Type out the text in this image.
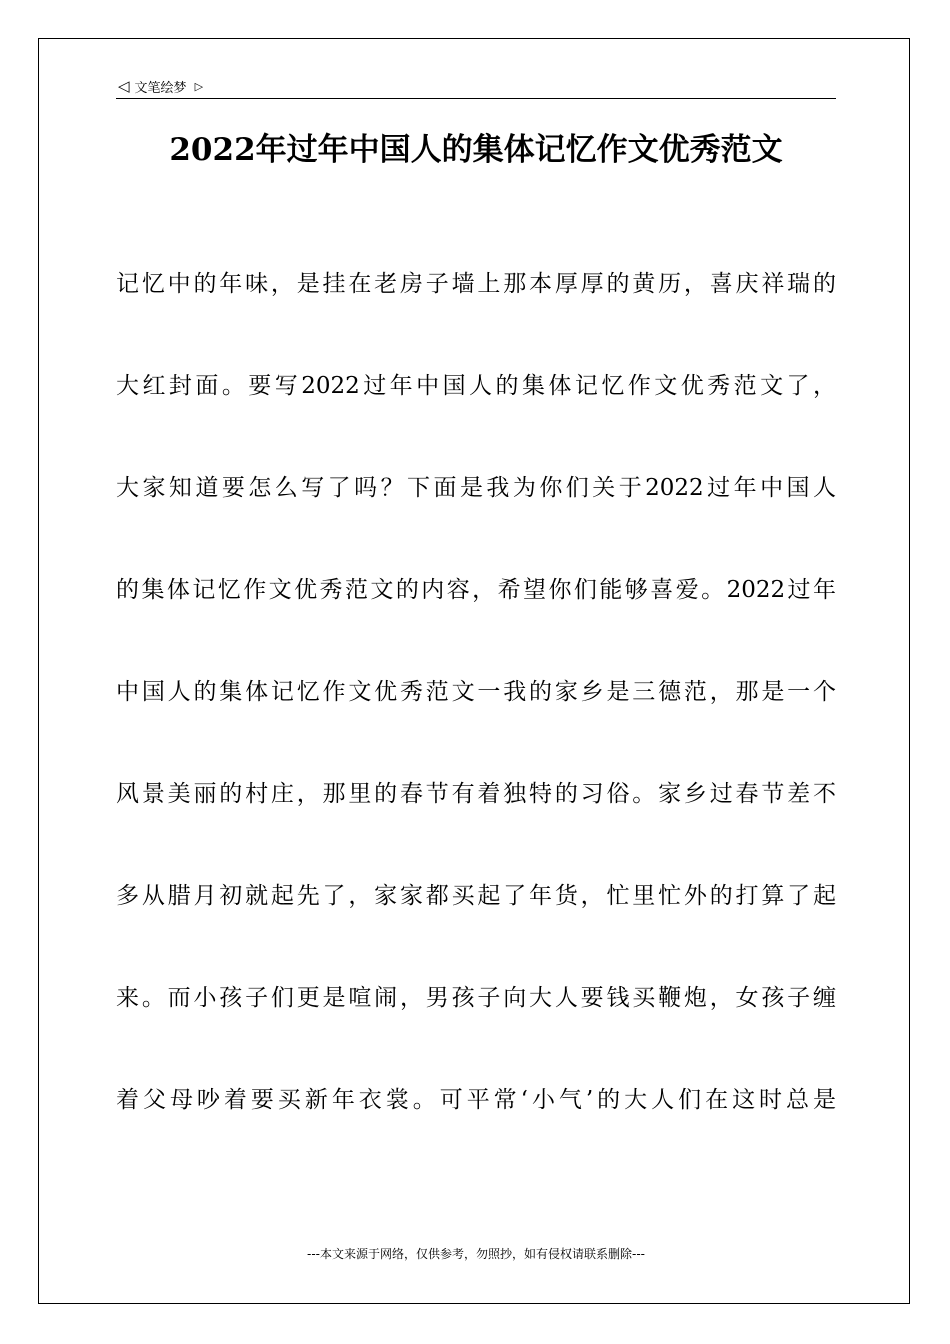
◁ 文笔绘梦 ▷
2022年过年中国人的集体记忆作文优秀范文
记忆中的年味，是挂在老房子墙上那本厚厚的黄历，喜庆祥瑞的
大红封面。要写2022过年中国人的集体记忆作文优秀范文了，
大家知道要怎么写了吗？下面是我为你们关于2022过年中国人
的集体记忆作文优秀范文的内容，希望你们能够喜爱。2022过年
中国人的集体记忆作文优秀范文一我的家乡是三德范，那是一个
风景美丽的村庄，那里的春节有着独特的习俗。家乡过春节差不
多从腊月初就起先了，家家都买起了年货，忙里忙外的打算了起
来。而小孩子们更是喧闹，男孩子向大人要钱买鞭炮，女孩子缠
着父母吵着要买新年衣裳。可平常‘小气’的大人们在这时总是
---本文来源于网络，仅供参考，勿照抄，如有侵权请联系删除---
